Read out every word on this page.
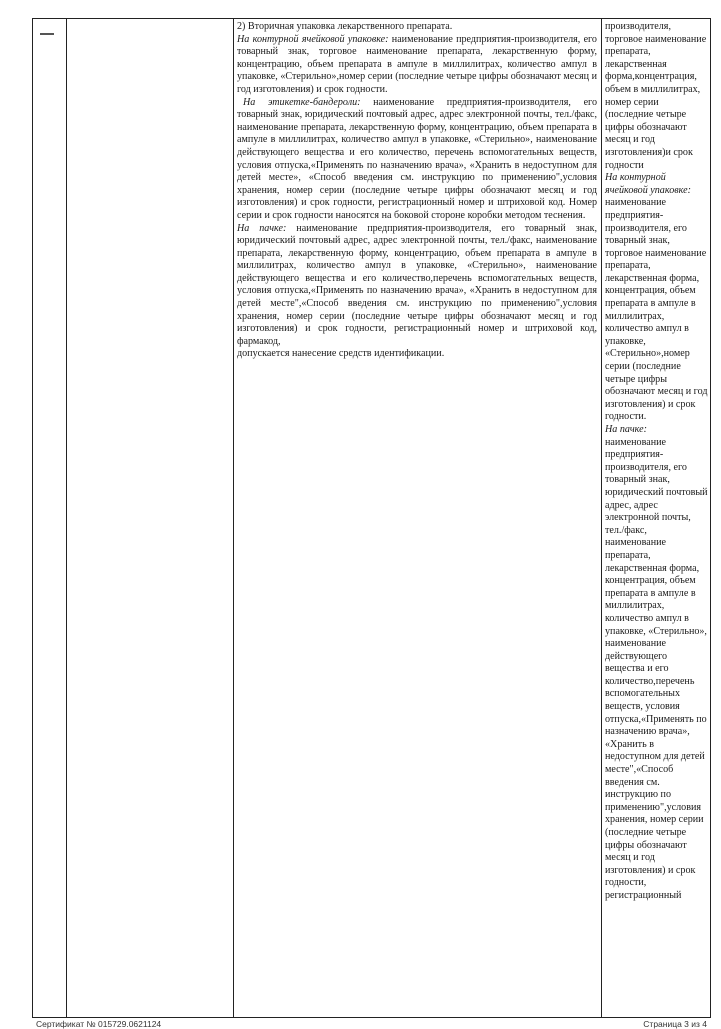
2) Вторичная упаковка лекарственного препарата.

На контурной ячейковой упаковке: наименование предприятия-производителя, его товарный знак, торговое наименование препарата, лекарственную форму, концентрацию, объем препарата в ампуле в миллилитрах, количество ампул в упаковке, «Стерильно»,номер серии (последние четыре цифры обозначают месяц и год изготовления) и срок годности.

На этикетке-бандероли: наименование предприятия-производителя, его товарный знак, юридический почтовый адрес, адрес электронной почты, тел./факс, наименование препарата, лекарственную форму, концентрацию, объем препарата в ампуле в миллилитрах, количество ампул в упаковке, «Стерильно», наименование действующего вещества и его количество, перечень вспомогательных веществ, условия отпуска,«Применять по назначению врача», «Хранить в недоступном для детей месте», «Способ введения см. инструкцию по применению",условия хранения, номер серии (последние четыре цифры обозначают месяц и год изготовления) и срок годности, регистрационный номер и штриховой код. Номер серии и срок годности наносятся на боковой стороне коробки методом теснения.

На пачке: наименование предприятия-производителя, его товарный знак, юридический почтовый адрес, адрес электронной почты, тел./факс, наименование препарата, лекарственную форму, концентрацию, объем препарата в ампуле в миллилитрах, количество ампул в упаковке, «Стерильно», наименование действующего вещества и его количество,перечень вспомогательных веществ, условия отпуска,«Применять по назначению врача», «Хранить в недоступном для детей месте",«Способ введения см. инструкцию по применению",условия хранения, номер серии (последние четыре цифры обозначают месяц и год изготовления) и срок годности, регистрационный номер и штриховой код, фармакод,

допускается нанесение средств идентификации.

производителя, торговое наименование препарата, лекарственная форма,концентрация, объем в миллилитрах, номер серии (последние четыре цифры обозначают месяц и год изготовления)и срок годности

На контурной ячейковой упаковке:

наименование предприятия-производителя, его товарный знак, торговое наименование препарата, лекарственная форма, концентрация, объем препарата в ампуле в миллилитрах, количество ампул в упаковке, «Стерильно»,номер серии (последние четыре цифры обозначают месяц и год изготовления) и срок годности.

На пачке:

наименование предприятия-производителя, его товарный знак, юридический почтовый адрес, адрес электронной почты, тел./факс, наименование препарата, лекарственная форма, концентрация, объем препарата в ампуле в миллилитрах, количество ампул в упаковке, «Стерильно», наименование действующего вещества и его количество,перечень вспомогательных веществ, условия отпуска,«Применять по назначению врача», «Хранить в недоступном для детей месте",«Способ введения см. инструкцию по применению",условия хранения, номер серии (последние четыре цифры обозначают месяц и год изготовления) и срок годности, регистрационный

Сертификат № 015729.0621124	Страница 3 из 4
